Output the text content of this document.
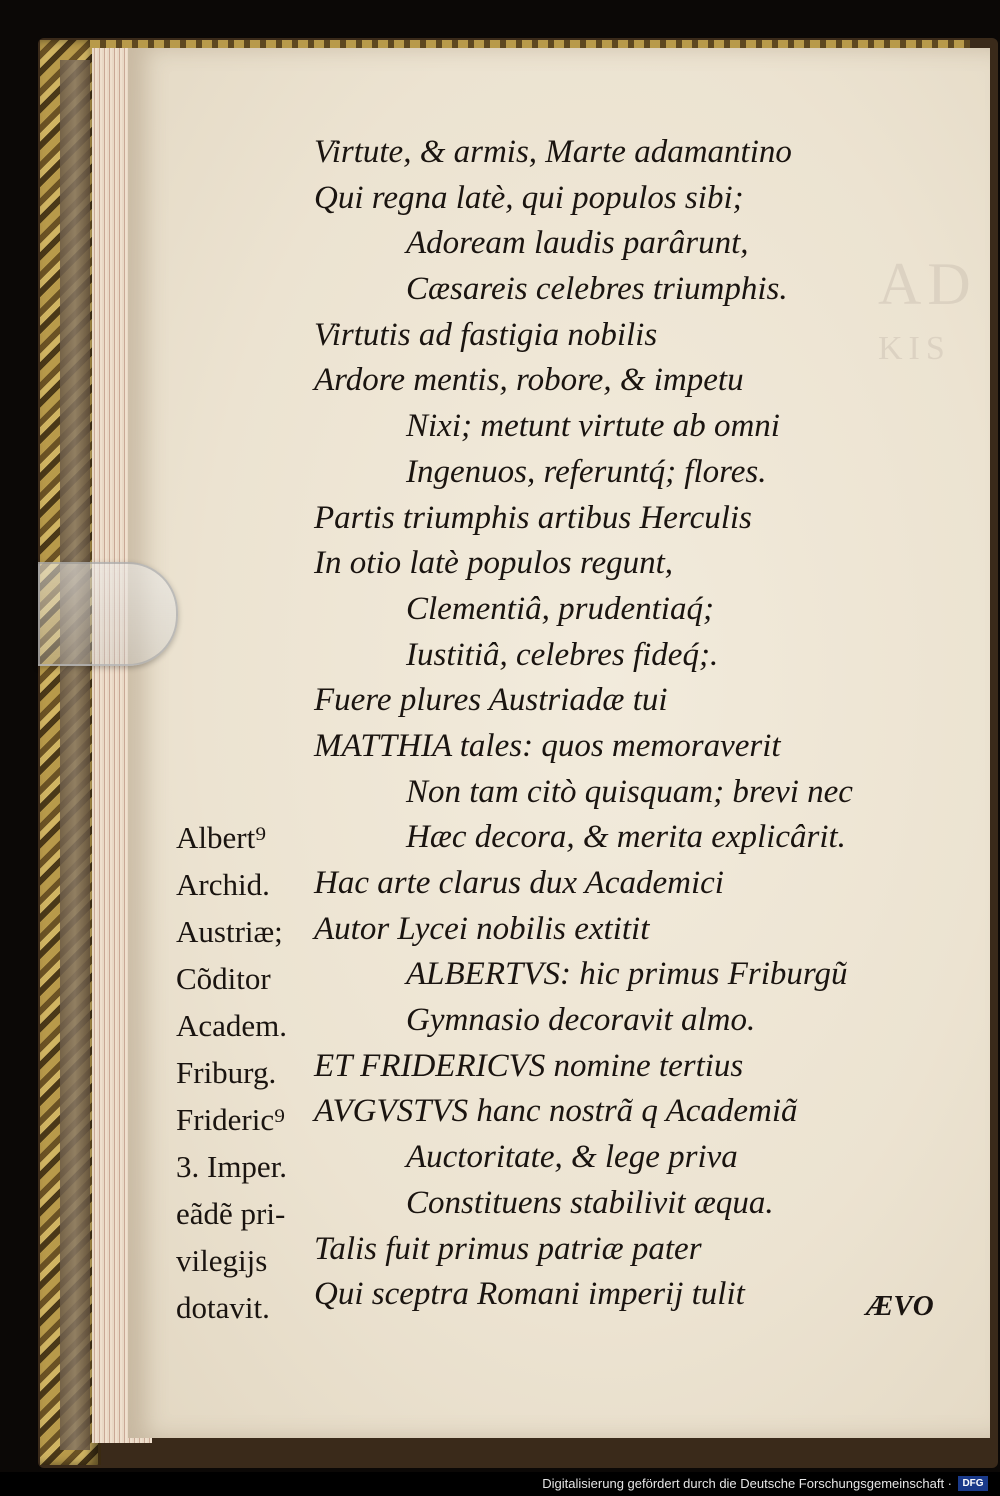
AD
KIS
Virtute, & armis, Marte adamantino
Qui regna latè, qui populos sibi;
Adoream laudis parârunt,
Cæsareis celebres triumphis.
Virtutis ad fastigia nobilis
Ardore mentis, robore, & impetu
Nixi; metunt virtute ab omni
Ingenuos, referuntq́; flores.
Partis triumphis artibus Herculis
In otio latè populos regunt,
Clementiâ, prudentiaq́;
Iustitiâ, celebres fideq́;.
Fuere plures Austriadæ tui
MATTHIA tales: quos memoraverit
Non tam citò quisquam; brevi nec
Hæc decora, & merita explicârit.
Hac arte clarus dux Academici
Autor Lycei nobilis extitit
ALBERTVS: hic primus Friburgũ
Gymnasio decoravit almo.
ET FRIDERICVS nomine tertius
AVGVSTVS hanc nostrã q Academiã
Auctoritate, & lege priva
Constituens stabilivit æqua.
Talis fuit primus patriæ pater
Qui sceptra Romani imperij tulit
Albert⁹
Archid.
Austriæ;
Cõditor
Academ.
Friburg.
Frideric⁹
3. Imper.
eãdẽ pri-
vilegijs
dotavit.	ÆVO
Digitalisierung gefördert durch die Deutsche Forschungsgemeinschaft ·	DFG
